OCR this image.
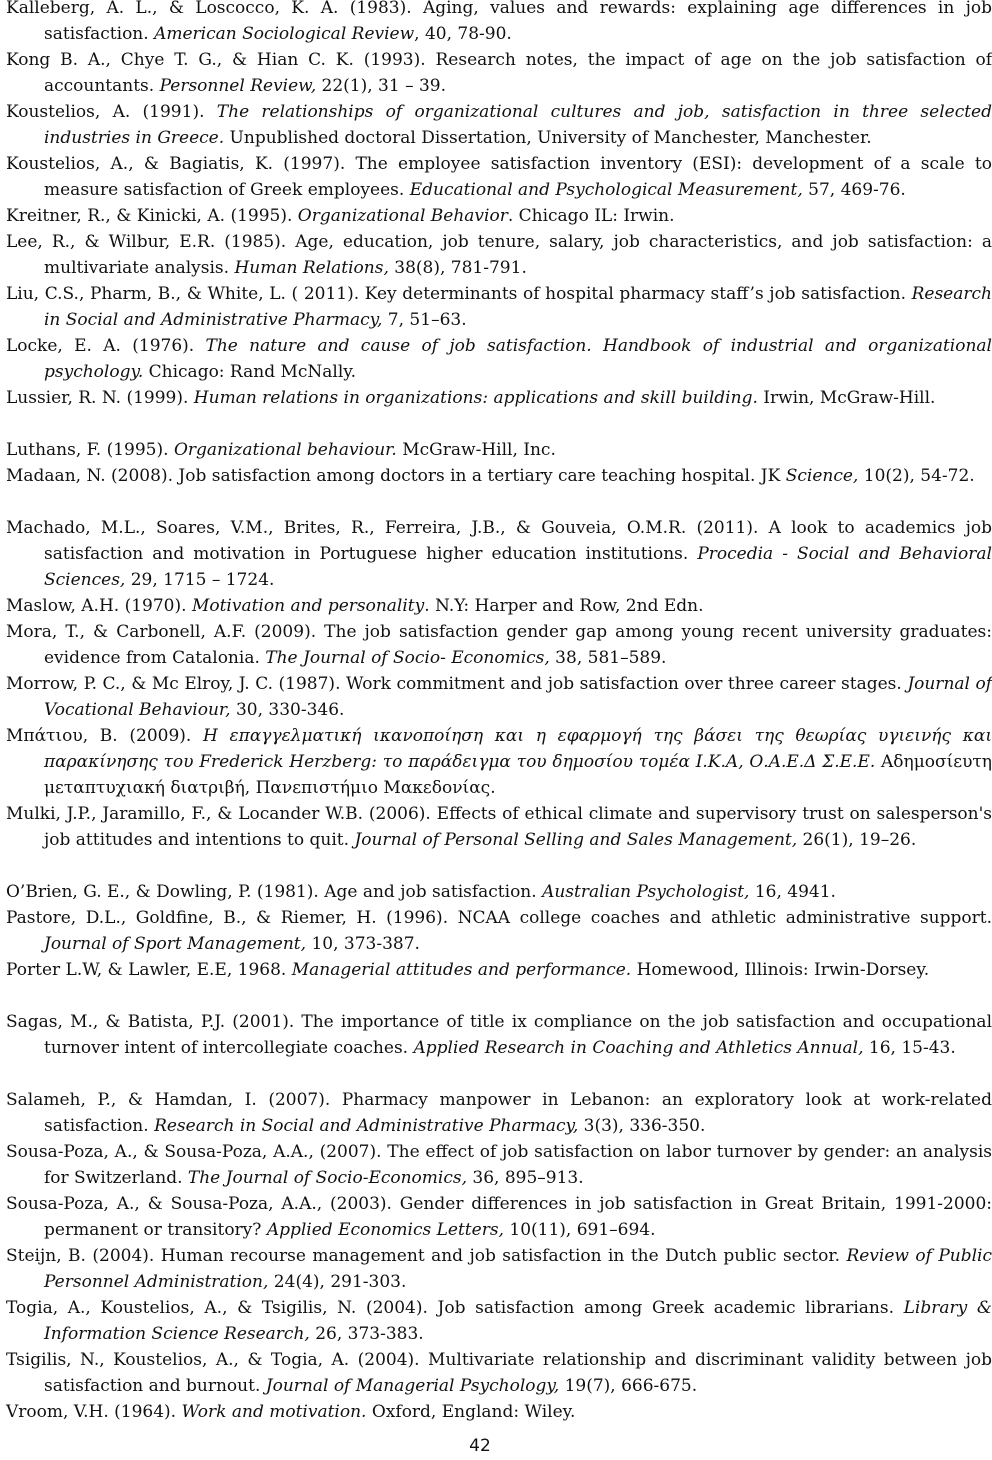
Kalleberg, A. L., & Loscocco, K. A. (1983). Aging, values and rewards: explaining age differences in job satisfaction. American Sociological Review, 40, 78-90.
Kong B. A., Chye T. G., & Hian C. K. (1993). Research notes, the impact of age on the job satisfaction of accountants. Personnel Review, 22(1), 31 – 39.
Koustelios, A. (1991). The relationships of organizational cultures and job, satisfaction in three selected industries in Greece. Unpublished doctoral Dissertation, University of Manchester, Manchester.
Koustelios, A., & Bagiatis, K. (1997). The employee satisfaction inventory (ESI): development of a scale to measure satisfaction of Greek employees. Educational and Psychological Measurement, 57, 469-76.
Kreitner, R., & Kinicki, A. (1995). Organizational Behavior. Chicago IL: Irwin.
Lee, R., & Wilbur, E.R. (1985). Age, education, job tenure, salary, job characteristics, and job satisfaction: a multivariate analysis. Human Relations, 38(8), 781-791.
Liu, C.S., Pharm, B., & White, L. ( 2011). Key determinants of hospital pharmacy staff’s job satisfaction. Research in Social and Administrative Pharmacy, 7, 51–63.
Locke, E. A. (1976). The nature and cause of job satisfaction. Handbook of industrial and organizational psychology. Chicago: Rand McNally.
Lussier, R. N. (1999). Human relations in organizations: applications and skill building. Irwin, McGraw-Hill.
Luthans, F. (1995). Organizational behaviour. McGraw-Hill, Inc.
Madaan, N. (2008). Job satisfaction among doctors in a tertiary care teaching hospital. JK Science, 10(2), 54-72.
Machado, M.L., Soares, V.M., Brites, R., Ferreira, J.B., & Gouveia, O.M.R. (2011). A look to academics job satisfaction and motivation in Portuguese higher education institutions. Procedia - Social and Behavioral Sciences, 29, 1715 – 1724.
Maslow, A.H. (1970). Motivation and personality. N.Y: Harper and Row, 2nd Edn.
Mora, T., & Carbonell, A.F. (2009). The job satisfaction gender gap among young recent university graduates: evidence from Catalonia. The Journal of Socio- Economics, 38, 581–589.
Morrow, P. C., & Mc Elroy, J. C. (1987). Work commitment and job satisfaction over three career stages. Journal of Vocational Behaviour, 30, 330-346.
Μπάτιου, Β. (2009). Η επαγγελματική ικανοποίηση και η εφαρμογή της βάσει της θεωρίας υγιεινής και παρακίνησης του Frederick Herzberg: το παράδειγμα του δημοσίου τομέα Ι.Κ.Α, Ο.Α.Ε.Δ Σ.Ε.Ε. Αδημοσίευτη μεταπτυχιακή διατριβή, Πανεπιστήμιο Μακεδονίας.
Mulki, J.P., Jaramillo, F., & Locander W.B. (2006). Effects of ethical climate and supervisory trust on salesperson's job attitudes and intentions to quit. Journal of Personal Selling and Sales Management, 26(1), 19–26.
O’Brien, G. E., & Dowling, P. (1981). Age and job satisfaction. Australian Psychologist, 16, 4941.
Pastore, D.L., Goldfine, B., & Riemer, H. (1996). NCAA college coaches and athletic administrative support. Journal of Sport Management, 10, 373-387.
Porter L.W, & Lawler, E.E, 1968. Managerial attitudes and performance. Homewood, Illinois: Irwin-Dorsey.
Sagas, M., & Batista, P.J. (2001). The importance of title ix compliance on the job satisfaction and occupational turnover intent of intercollegiate coaches. Applied Research in Coaching and Athletics Annual, 16, 15-43.
Salameh, P., & Hamdan, I. (2007). Pharmacy manpower in Lebanon: an exploratory look at work-related satisfaction. Research in Social and Administrative Pharmacy, 3(3), 336-350.
Sousa-Poza, A., & Sousa-Poza, A.A., (2007). The effect of job satisfaction on labor turnover by gender: an analysis for Switzerland. The Journal of Socio-Economics, 36, 895–913.
Sousa-Poza, A., & Sousa-Poza, A.A., (2003). Gender differences in job satisfaction in Great Britain, 1991-2000: permanent or transitory? Applied Economics Letters, 10(11), 691–694.
Steijn, B. (2004). Human recourse management and job satisfaction in the Dutch public sector. Review of Public Personnel Administration, 24(4), 291-303.
Togia, A., Koustelios, A., & Tsigilis, N. (2004). Job satisfaction among Greek academic librarians. Library & Information Science Research, 26, 373-383.
Tsigilis, N., Koustelios, A., & Togia, A. (2004). Multivariate relationship and discriminant validity between job satisfaction and burnout. Journal of Managerial Psychology, 19(7), 666-675.
Vroom, V.H. (1964). Work and motivation. Oxford, England: Wiley.
42
